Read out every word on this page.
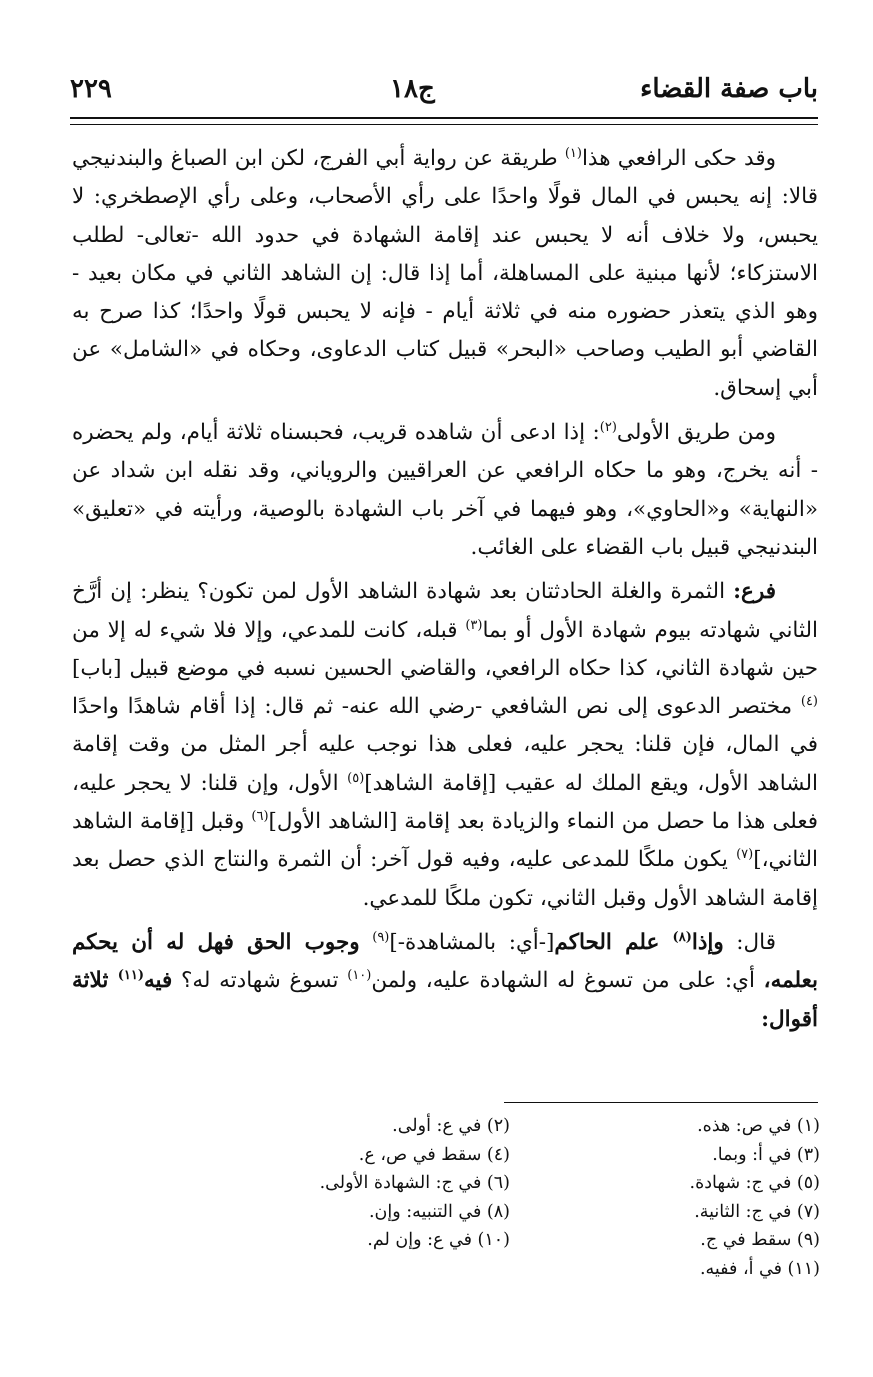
باب صفة القضاء
ج١٨
٢٢٩

وقد حكى الرافعي هذا$^{(١)}$ طريقة عن رواية أبي الفرج، لكن ابن الصباغ والبندنيجي قالا: إنه يحبس في المال قولًا واحدًا على رأي الأصحاب، وعلى رأي الإصطخري: لا يحبس، ولا خلاف أنه لا يحبس عند إقامة الشهادة في حدود الله -تعالى- لطلب الاستزكاء؛ لأنها مبنية على المساهلة، أما إذا قال: إن الشاهد الثاني في مكان بعيد - وهو الذي يتعذر حضوره منه في ثلاثة أيام - فإنه لا يحبس قولًا واحدًا؛ كذا صرح به القاضي أبو الطيب وصاحب «البحر» قبيل كتاب الدعاوى، وحكاه في «الشامل» عن أبي إسحاق.

ومن طريق الأولى$^{(٢)}$: إذا ادعى أن شاهده قريب، فحبسناه ثلاثة أيام، ولم يحضره - أنه يخرج، وهو ما حكاه الرافعي عن العراقيين والروياني، وقد نقله ابن شداد عن «النهاية» و«الحاوي»، وهو فيهما في آخر باب الشهادة بالوصية، ورأيته في «تعليق» البندنيجي قبيل باب القضاء على الغائب.

فرع: الثمرة والغلة الحادثتان بعد شهادة الشاهد الأول لمن تكون؟ ينظر: إن أرَّخ الثاني شهادته بيوم شهادة الأول أو بما$^{(٣)}$ قبله، كانت للمدعي، وإلا فلا شيء له إلا من حين شهادة الثاني، كذا حكاه الرافعي، والقاضي الحسين نسبه في موضع قبيل [باب]$^{(٤)}$ مختصر الدعوى إلى نص الشافعي -رضي الله عنه- ثم قال: إذا أقام شاهدًا واحدًا في المال، فإن قلنا: يحجر عليه، فعلى هذا نوجب عليه أجر المثل من وقت إقامة الشاهد الأول، ويقع الملك له عقيب [إقامة الشاهد]$^{(٥)}$ الأول، وإن قلنا: لا يحجر عليه، فعلى هذا ما حصل من النماء والزيادة بعد إقامة [الشاهد الأول]$^{(٦)}$ وقبل [إقامة الشاهد الثاني،]$^{(٧)}$ يكون ملكًا للمدعى عليه، وفيه قول آخر: أن الثمرة والنتاج الذي حصل بعد إقامة الشاهد الأول وقبل الثاني، تكون ملكًا للمدعي.

قال: وإذا$^{(٨)}$ علم الحاكم[-أي: بالمشاهدة-]$^{(٩)}$ وجوب الحق فهل له أن يحكم بعلمه، أي: على من تسوغ له الشهادة عليه، ولمن$^{(١٠)}$ تسوغ شهادته له؟ فيه$^{(١١)}$ ثلاثة أقوال:

(١) في ص: هذه.
(٣) في أ: وبما.
(٥) في ج: شهادة.
(٧) في ج: الثانية.
(٩) سقط في ج.
(١١) في أ، ففيه.
(٢) في ع: أولى.
(٤) سقط في ص، ع.
(٦) في ج: الشهادة الأولى.
(٨) في التنبيه: وإن.
(١٠) في ع: وإن لم.
